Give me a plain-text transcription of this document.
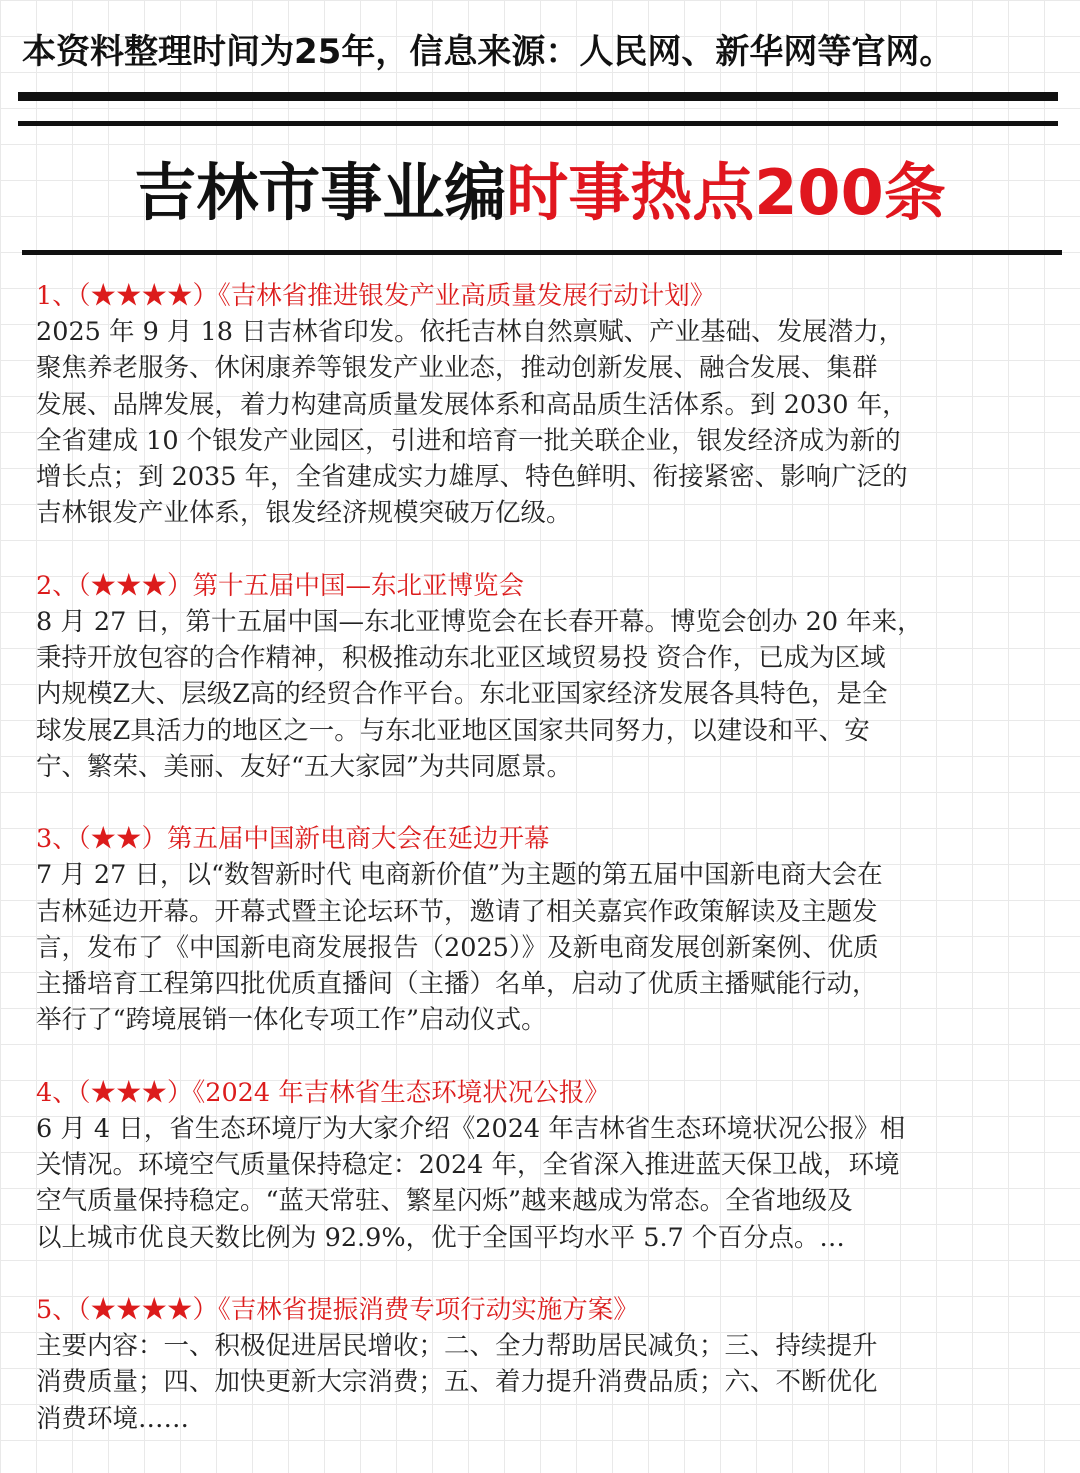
本资料整理时间为25年，信息来源：人民网、新华网等官网。
吉林市事业编时事热点200条
1、（★★★★）《吉林省推进银发产业高质量发展行动计划》
2025 年 9 月 18 日吉林省印发。依托吉林自然禀赋、产业基础、发展潜力，
聚焦养老服务、休闲康养等银发产业业态，推动创新发展、融合发展、集群
发展、品牌发展，着力构建高质量发展体系和高品质生活体系。到 2030 年，
全省建成 10 个银发产业园区，引进和培育一批关联企业，银发经济成为新的
增长点；到 2035 年，全省建成实力雄厚、特色鲜明、衔接紧密、影响广泛的
吉林银发产业体系，银发经济规模突破万亿级。
2、（★★★）第十五届中国—东北亚博览会
8 月 27 日，第十五届中国—东北亚博览会在长春开幕。博览会创办 20 年来，
秉持开放包容的合作精神，积极推动东北亚区域贸易投 资合作，已成为区域
内规模Z大、层级Z高的经贸合作平台。东北亚国家经济发展各具特色，是全
球发展Z具活力的地区之一。与东北亚地区国家共同努力，以建设和平、安
宁、繁荣、美丽、友好“五大家园”为共同愿景。
3、（★★）第五届中国新电商大会在延边开幕
7 月 27 日，以“数智新时代 电商新价值”为主题的第五届中国新电商大会在
吉林延边开幕。开幕式暨主论坛环节，邀请了相关嘉宾作政策解读及主题发
言，发布了《中国新电商发展报告（2025）》及新电商发展创新案例、优质
主播培育工程第四批优质直播间（主播）名单，启动了优质主播赋能行动，
举行了“跨境展销一体化专项工作”启动仪式。
4、（★★★）《2024 年吉林省生态环境状况公报》
6 月 4 日，省生态环境厅为大家介绍《2024 年吉林省生态环境状况公报》相
关情况。环境空气质量保持稳定：2024 年，全省深入推进蓝天保卫战，环境
空气质量保持稳定。“蓝天常驻、繁星闪烁”越来越成为常态。全省地级及
以上城市优良天数比例为 92.9%，优于全国平均水平 5.7 个百分点。…
5、（★★★★）《吉林省提振消费专项行动实施方案》
主要内容：一、积极促进居民增收；二、全力帮助居民减负；三、持续提升
消费质量；四、加快更新大宗消费；五、着力提升消费品质；六、不断优化
消费环境……
